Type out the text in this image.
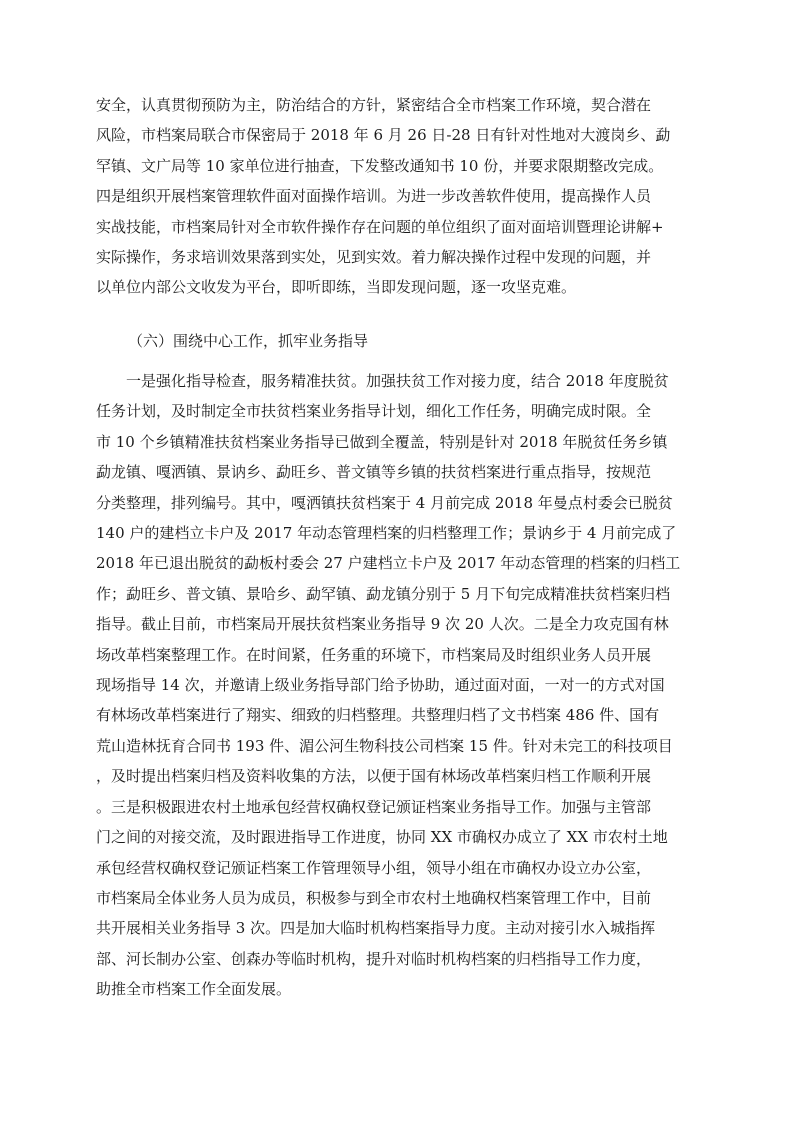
安全，认真贯彻预防为主，防治结合的方针，紧密结合全市档案工作环境，契合潜在

风险，市档案局联合市保密局于 2018 年 6 月 26 日-28 日有针对性地对大渡岗乡、勐

罕镇、文广局等 10 家单位进行抽查，下发整改通知书 10 份，并要求限期整改完成。

四是组织开展档案管理软件面对面操作培训。为进一步改善软件使用，提高操作人员

实战技能，市档案局针对全市软件操作存在问题的单位组织了面对面培训暨理论讲解+

实际操作，务求培训效果落到实处，见到实效。着力解决操作过程中发现的问题，并

以单位内部公文收发为平台，即听即练，当即发现问题，逐一攻坚克难。

（六）围绕中心工作，抓牢业务指导

一是强化指导检查，服务精准扶贫。加强扶贫工作对接力度，结合 2018 年度脱贫

任务计划，及时制定全市扶贫档案业务指导计划，细化工作任务，明确完成时限。全

市 10 个乡镇精准扶贫档案业务指导已做到全覆盖，特别是针对 2018 年脱贫任务乡镇

勐龙镇、嘎洒镇、景讷乡、勐旺乡、普文镇等乡镇的扶贫档案进行重点指导，按规范

分类整理，排列编号。其中，嘎洒镇扶贫档案于 4 月前完成 2018 年曼点村委会已脱贫

140 户的建档立卡户及 2017 年动态管理档案的归档整理工作；景讷乡于 4 月前完成了

2018 年已退出脱贫的勐板村委会 27 户建档立卡户及 2017 年动态管理的档案的归档工

作；勐旺乡、普文镇、景哈乡、勐罕镇、勐龙镇分别于 5 月下旬完成精准扶贫档案归档

指导。截止目前，市档案局开展扶贫档案业务指导 9 次 20 人次。二是全力攻克国有林

场改革档案整理工作。在时间紧，任务重的环境下，市档案局及时组织业务人员开展

现场指导 14 次，并邀请上级业务指导部门给予协助，通过面对面，一对一的方式对国

有林场改革档案进行了翔实、细致的归档整理。共整理归档了文书档案 486 件、国有

荒山造林抚育合同书 193 件、湄公河生物科技公司档案 15 件。针对未完工的科技项目

，及时提出档案归档及资料收集的方法，以便于国有林场改革档案归档工作顺利开展

。三是积极跟进农村土地承包经营权确权登记颁证档案业务指导工作。加强与主管部

门之间的对接交流，及时跟进指导工作进度，协同 XX 市确权办成立了 XX 市农村土地

承包经营权确权登记颁证档案工作管理领导小组，领导小组在市确权办设立办公室，

市档案局全体业务人员为成员，积极参与到全市农村土地确权档案管理工作中，目前

共开展相关业务指导 3 次。四是加大临时机构档案指导力度。主动对接引水入城指挥

部、河长制办公室、创森办等临时机构，提升对临时机构档案的归档指导工作力度，

助推全市档案工作全面发展。
